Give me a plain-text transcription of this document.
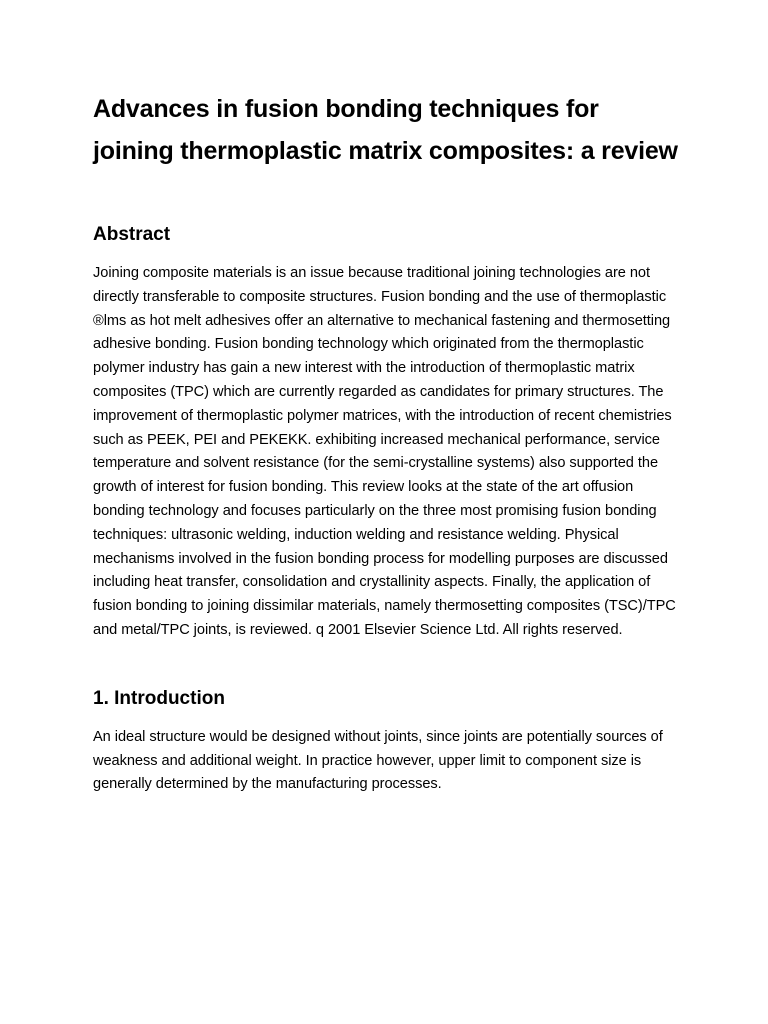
Advances in fusion bonding techniques for joining thermoplastic matrix composites: a review
Abstract

Joining composite materials is an issue because traditional joining technologies are not directly transferable to composite structures. Fusion bonding and the use of thermoplastic ®lms as hot melt adhesives offer an alternative to mechanical fastening and thermosetting adhesive bonding. Fusion bonding technology which originated from the thermoplastic polymer industry has gain a new interest with the introduction of thermoplastic matrix composites (TPC) which are currently regarded as candidates for primary structures. The improvement of thermoplastic polymer matrices, with the introduction of recent chemistries such as PEEK, PEI and PEKEKK. exhibiting increased mechanical performance, service temperature and solvent resistance (for the semi-crystalline systems) also supported the growth of interest for fusion bonding. This review looks at the state of the art offusion bonding technology and focuses particularly on the three most promising fusion bonding techniques: ultrasonic welding, induction welding and resistance welding. Physical mechanisms involved in the fusion bonding process for modelling purposes are discussed including heat transfer, consolidation and crystallinity aspects. Finally, the application of fusion bonding to joining dissimilar materials, namely thermosetting composites (TSC)/TPC and metal/TPC joints, is reviewed. q 2001 Elsevier Science Ltd. All rights reserved.

1. Introduction

An ideal structure would be designed without joints, since joints are potentially sources of weakness and additional weight. In practice however, upper limit to component size is generally determined by the manufacturing processes.
